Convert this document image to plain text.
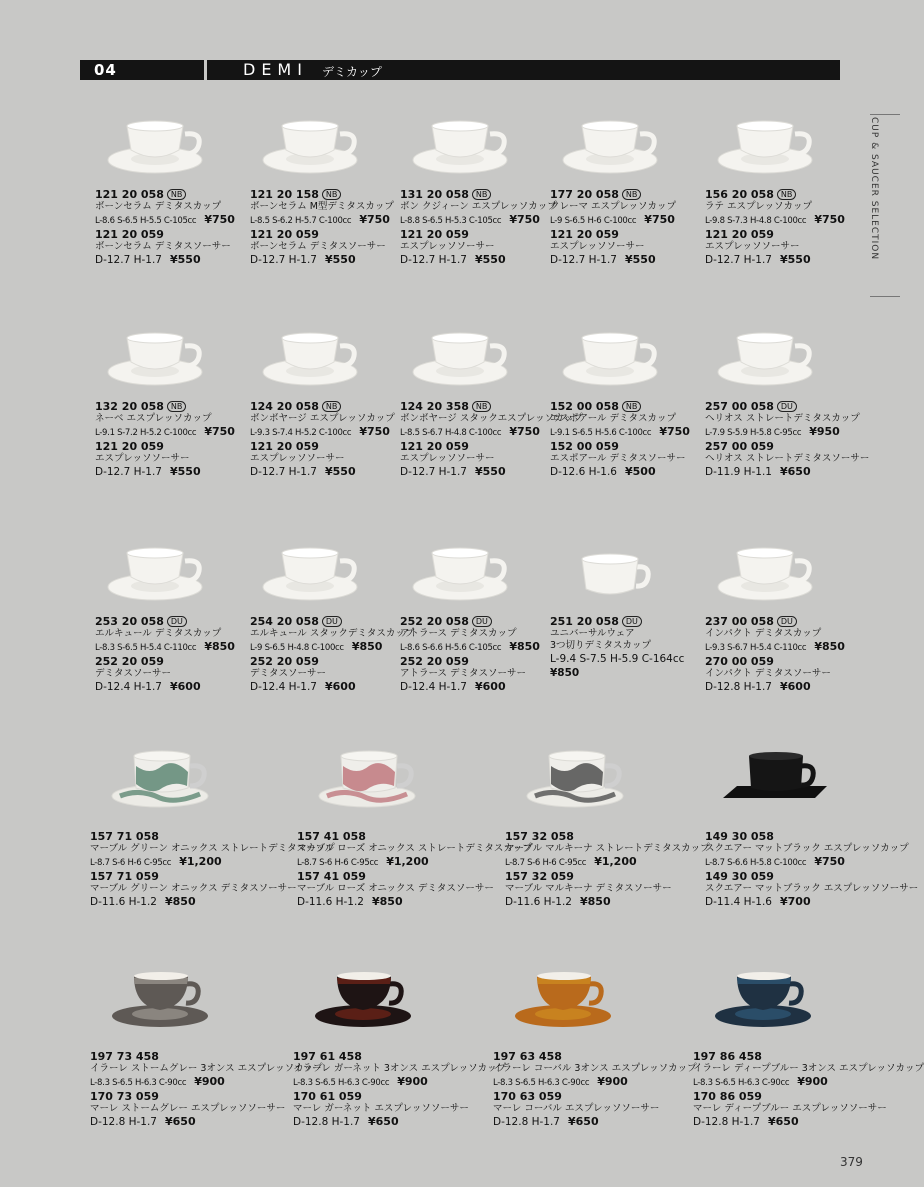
04	DEMI デミカップ
CUP & SAUCER SELECTION
379
121 20 058 NB
ボーンセラム デミタスカップ
L-8.6 S-6.5 H-5.5 C-105cc ¥750
121 20 059
ボーンセラム デミタスソーサー
D-12.7 H-1.7 ¥550
121 20 158 NB
ボーンセラム M型デミタスカップ
L-8.5 S-6.2 H-5.7 C-100cc ¥750
121 20 059
ボーンセラム デミタスソーサー
D-12.7 H-1.7 ¥550
131 20 058 NB
ボン クジィーン エスプレッソカップ
L-8.8 S-6.5 H-5.3 C-105cc ¥750
121 20 059
エスプレッソソーサー
D-12.7 H-1.7 ¥550
177 20 058 NB
クレーマ エスプレッソカップ
L-9 S-6.5 H-6 C-100cc ¥750
121 20 059
エスプレッソソーサー
D-12.7 H-1.7 ¥550
156 20 058 NB
ラテ エスプレッソカップ
L-9.8 S-7.3 H-4.8 C-100cc ¥750
121 20 059
エスプレッソソーサー
D-12.7 H-1.7 ¥550
132 20 058 NB
ネーベ エスプレッソカップ
L-9.1 S-7.2 H-5.2 C-100cc ¥750
121 20 059
エスプレッソソーサー
D-12.7 H-1.7 ¥550
124 20 058 NB
ボンボヤージ エスプレッソカップ
L-9.3 S-7.4 H-5.2 C-100cc ¥750
121 20 059
エスプレッソソーサー
D-12.7 H-1.7 ¥550
124 20 358 NB
ボンボヤージ スタックエスプレッソカップ
L-8.5 S-6.7 H-4.8 C-100cc ¥750
121 20 059
エスプレッソソーサー
D-12.7 H-1.7 ¥550
152 00 058 NB
エスポアール デミタスカップ
L-9.1 S-6.5 H-5.6 C-100cc ¥750
152 00 059
エスポアール デミタスソーサー
D-12.6 H-1.6 ¥500
257 00 058 DU
ヘリオス ストレートデミタスカップ
L-7.9 S-5.9 H-5.8 C-95cc ¥950
257 00 059
ヘリオス ストレートデミタスソーサー
D-11.9 H-1.1 ¥650
253 20 058 DU
エルキュール デミタスカップ
L-8.3 S-6.5 H-5.4 C-110cc ¥850
252 20 059
デミタスソーサー
D-12.4 H-1.7 ¥600
254 20 058 DU
エルキュール スタックデミタスカップ
L-9 S-6.5 H-4.8 C-100cc ¥850
252 20 059
デミタスソーサー
D-12.4 H-1.7 ¥600
252 20 058 DU
アトラース デミタスカップ
L-8.6 S-6.6 H-5.6 C-105cc ¥850
252 20 059
アトラース デミタスソーサー
D-12.4 H-1.7 ¥600
251 20 058 DU
ユニバーサルウェア
3つ切りデミタスカップ
L-9.4 S-7.5 H-5.9 C-164cc
¥850
237 00 058 DU
インパクト デミタスカップ
L-9.3 S-6.7 H-5.4 C-110cc ¥850
270 00 059
インパクト デミタスソーサー
D-12.8 H-1.7 ¥600
157 71 058
マーブル グリーン オニックス ストレートデミタスカップ
L-8.7 S-6 H-6 C-95cc ¥1,200
157 71 059
マーブル グリーン オニックス デミタスソーサー
D-11.6 H-1.2 ¥850
157 41 058
マーブル ローズ オニックス ストレートデミタスカップ
L-8.7 S-6 H-6 C-95cc ¥1,200
157 41 059
マーブル ローズ オニックス デミタスソーサー
D-11.6 H-1.2 ¥850
157 32 058
マーブル マルキーナ ストレートデミタスカップ
L-8.7 S-6 H-6 C-95cc ¥1,200
157 32 059
マーブル マルキーナ デミタスソーサー
D-11.6 H-1.2 ¥850
149 30 058
スクエアー マットブラック エスプレッソカップ
L-8.7 S-6.6 H-5.8 C-100cc ¥750
149 30 059
スクエアー マットブラック エスプレッソソーサー
D-11.4 H-1.6 ¥700
197 73 458
イラーレ ストームグレー 3オンス エスプレッソカップ
L-8.3 S-6.5 H-6.3 C-90cc ¥900
170 73 059
マーレ ストームグレー エスプレッソソーサー
D-12.8 H-1.7 ¥650
197 61 458
イラーレ ガーネット 3オンス エスプレッソカップ
L-8.3 S-6.5 H-6.3 C-90cc ¥900
170 61 059
マーレ ガーネット エスプレッソソーサー
D-12.8 H-1.7 ¥650
197 63 458
イラーレ コーバル 3オンス エスプレッソカップ
L-8.3 S-6.5 H-6.3 C-90cc ¥900
170 63 059
マーレ コーバル エスプレッソソーサー
D-12.8 H-1.7 ¥650
197 86 458
イラーレ ディープブルー 3オンス エスプレッソカップ
L-8.3 S-6.5 H-6.3 C-90cc ¥900
170 86 059
マーレ ディープブルー エスプレッソソーサー
D-12.8 H-1.7 ¥650
